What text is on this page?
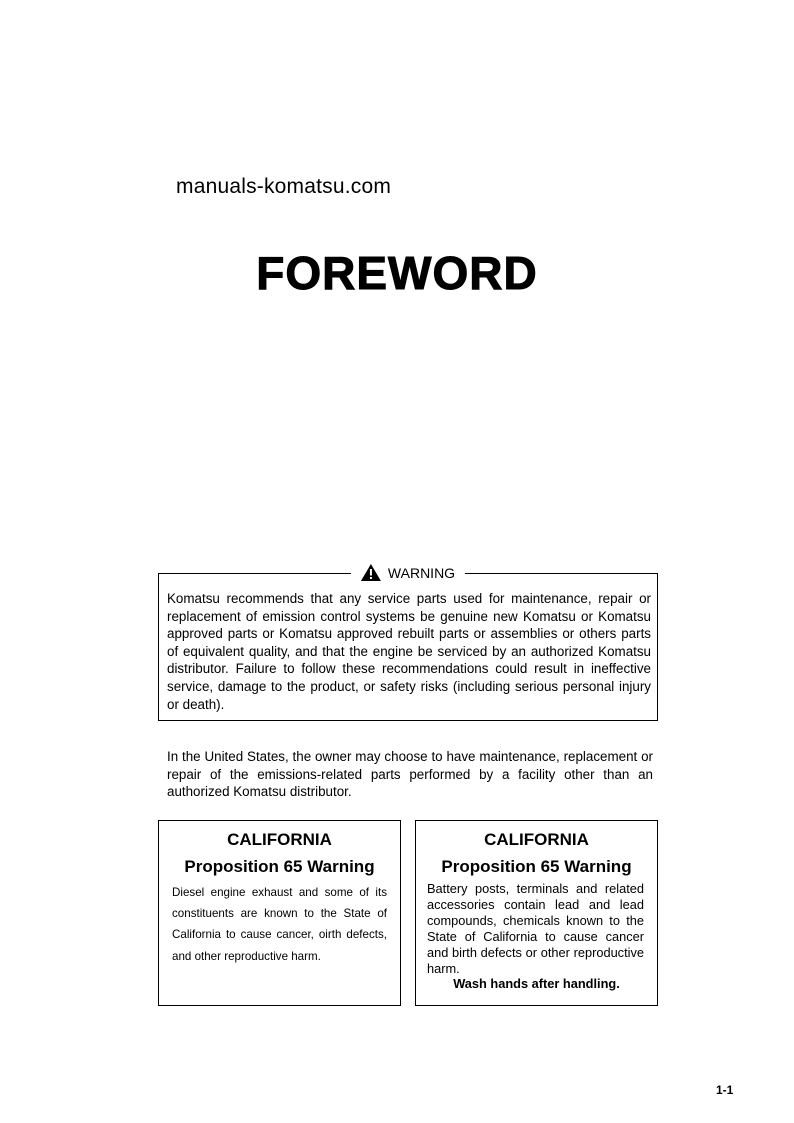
manuals-komatsu.com
FOREWORD
WARNING
Komatsu recommends that any service parts used for maintenance, repair or replacement of emission control systems be genuine new Komatsu or Komatsu approved parts or Komatsu approved rebuilt parts or assemblies or others parts of equivalent quality, and that the engine be serviced by an authorized Komatsu distributor. Failure to follow these recommendations could result in ineffective service, damage to the product, or safety risks (including serious personal injury or death).
In the United States, the owner may choose to have maintenance, replacement or repair of the emissions-related parts performed by a facility other than an authorized Komatsu distributor.
CALIFORNIA
Proposition 65 Warning
Diesel engine exhaust and some of its constituents are known to the State of California to cause cancer, oirth defects, and other reproductive harm.
CALIFORNIA
Proposition 65 Warning
Battery posts, terminals and related accessories contain lead and lead compounds, chemicals known to the State of California to cause cancer and birth defects or other reproductive harm.
Wash hands after handling.
1-1
